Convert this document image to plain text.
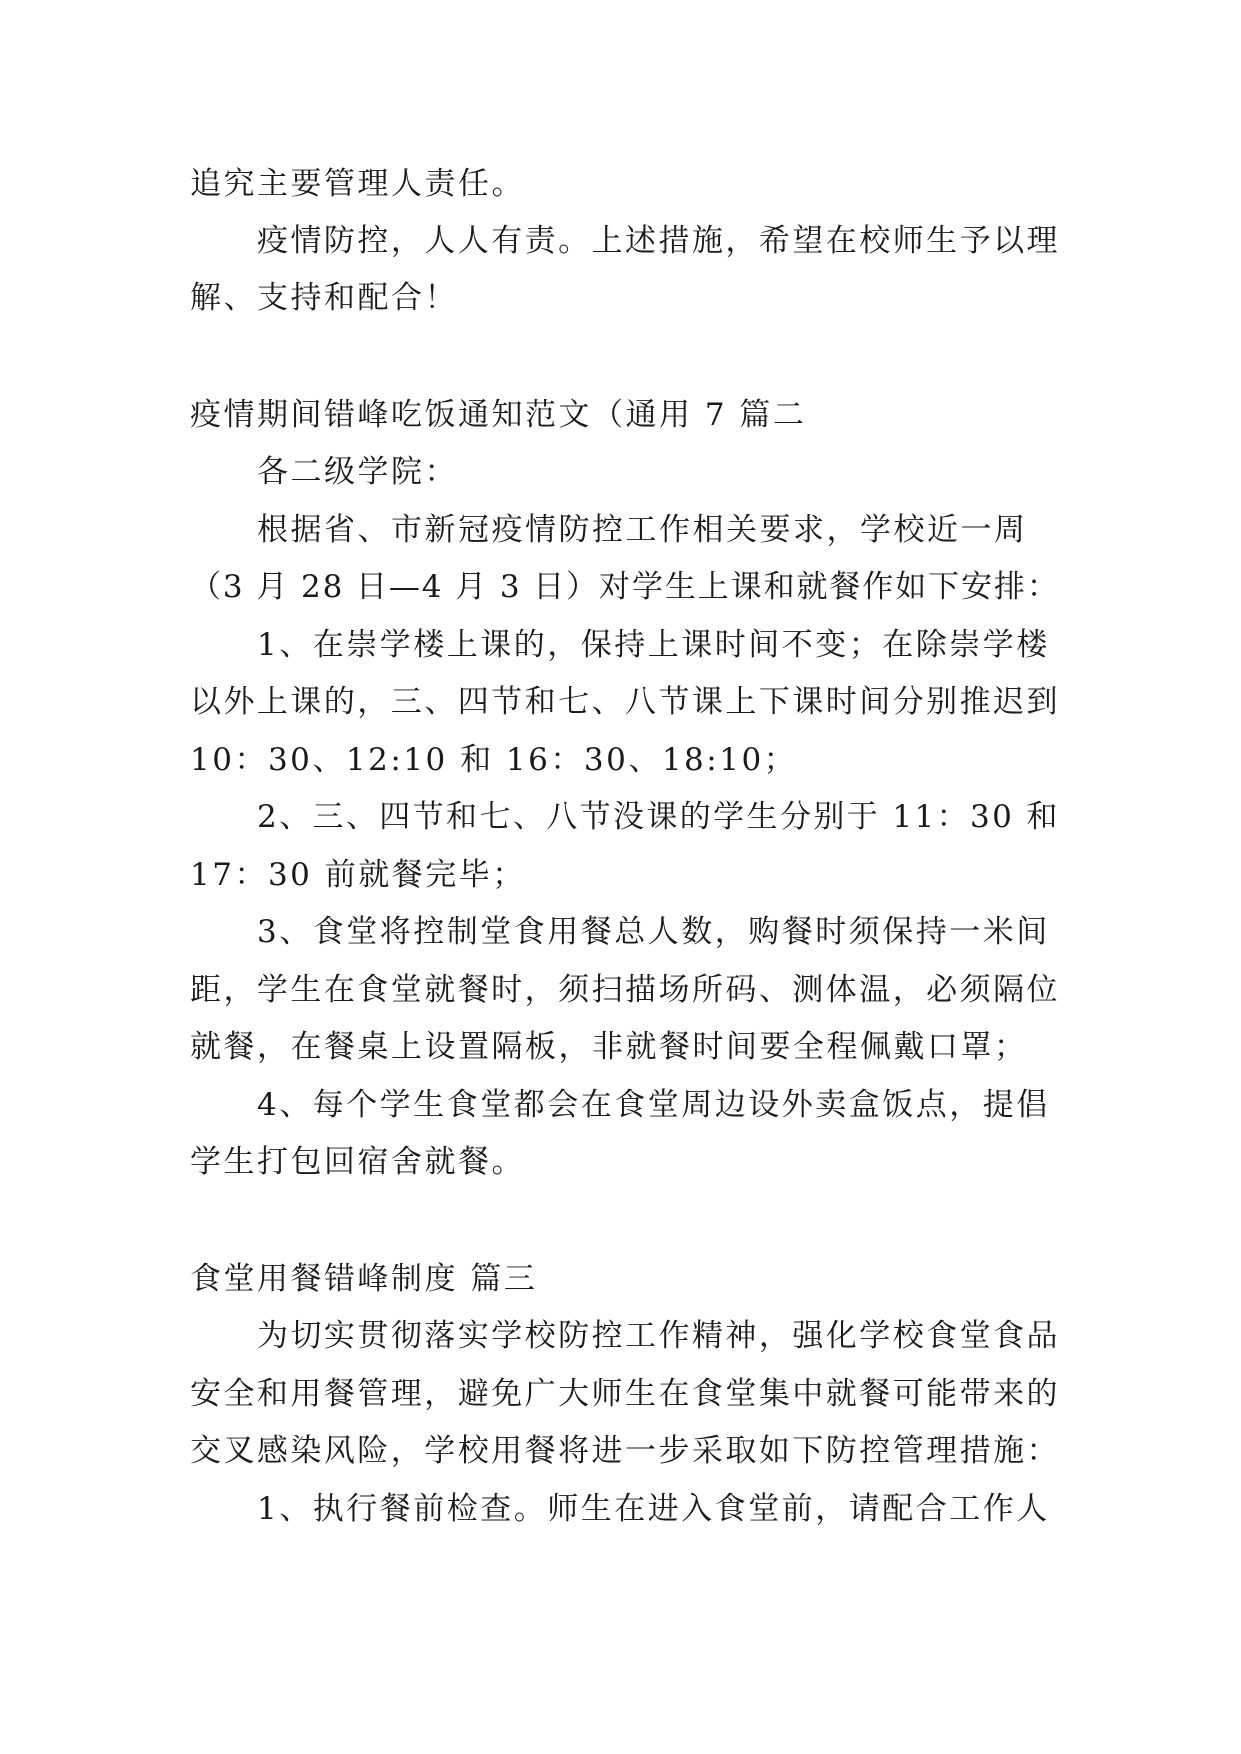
追究主要管理人责任。
疫情防控，人人有责。上述措施，希望在校师生予以理
解、支持和配合！
疫情期间错峰吃饭通知范文（通用 7 篇二
各二级学院：
根据省、市新冠疫情防控工作相关要求，学校近一周
（3 月 28 日—4 月 3 日）对学生上课和就餐作如下安排：
1、在崇学楼上课的，保持上课时间不变；在除崇学楼
以外上课的，三、四节和七、八节课上下课时间分别推迟到
10：30、12:10 和 16：30、18:10；
2、三、四节和七、八节没课的学生分别于 11：30 和
17：30 前就餐完毕；
3、食堂将控制堂食用餐总人数，购餐时须保持一米间
距，学生在食堂就餐时，须扫描场所码、测体温，必须隔位
就餐，在餐桌上设置隔板，非就餐时间要全程佩戴口罩；
4、每个学生食堂都会在食堂周边设外卖盒饭点，提倡
学生打包回宿舍就餐。
食堂用餐错峰制度 篇三
为切实贯彻落实学校防控工作精神，强化学校食堂食品
安全和用餐管理，避免广大师生在食堂集中就餐可能带来的
交叉感染风险，学校用餐将进一步采取如下防控管理措施：
1、执行餐前检查。师生在进入食堂前，请配合工作人
